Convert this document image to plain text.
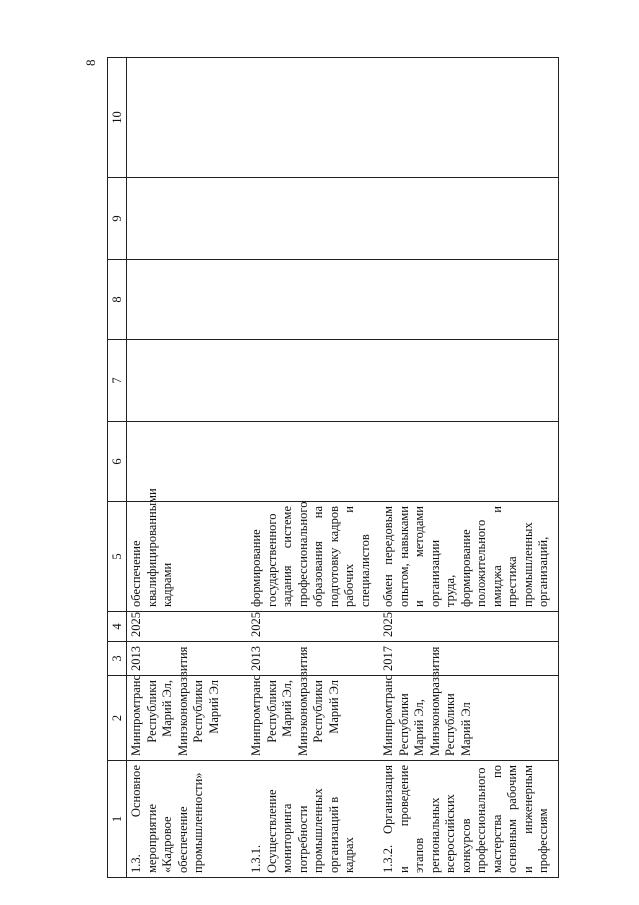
8
1	2	3	4	5	6	7	8	9	10
1.3. Основное мероприятие «Кадровое обеспечение промышленности»	Минпромтранс Республики Марий Эл, Минэкономразвития Республики Марий Эл	2013	2025	обеспечение квалифицированными кадрами					
1.3.1. Осуществление мониторинга потребности промышленных организаций в кадрах	Минпромтранс Республики Марий Эл, Минэкономразвития Республики Марий Эл	2013	2025	формирование государственного задания системе профессионального образования на подготовку кадров рабочих и специалистов					
1.3.2. Организация и проведение этапов региональных всероссийских конкурсов профессионального мастерства по основным рабочим и инженерным профессиям	Минпромтранс Республики Марий Эл, Минэкономразвития Республики Марий Эл	2017	2025	обмен передовым опытом, навыками и методами организации труда, формирование положительного имиджа и престижа промышленных организаций,					
